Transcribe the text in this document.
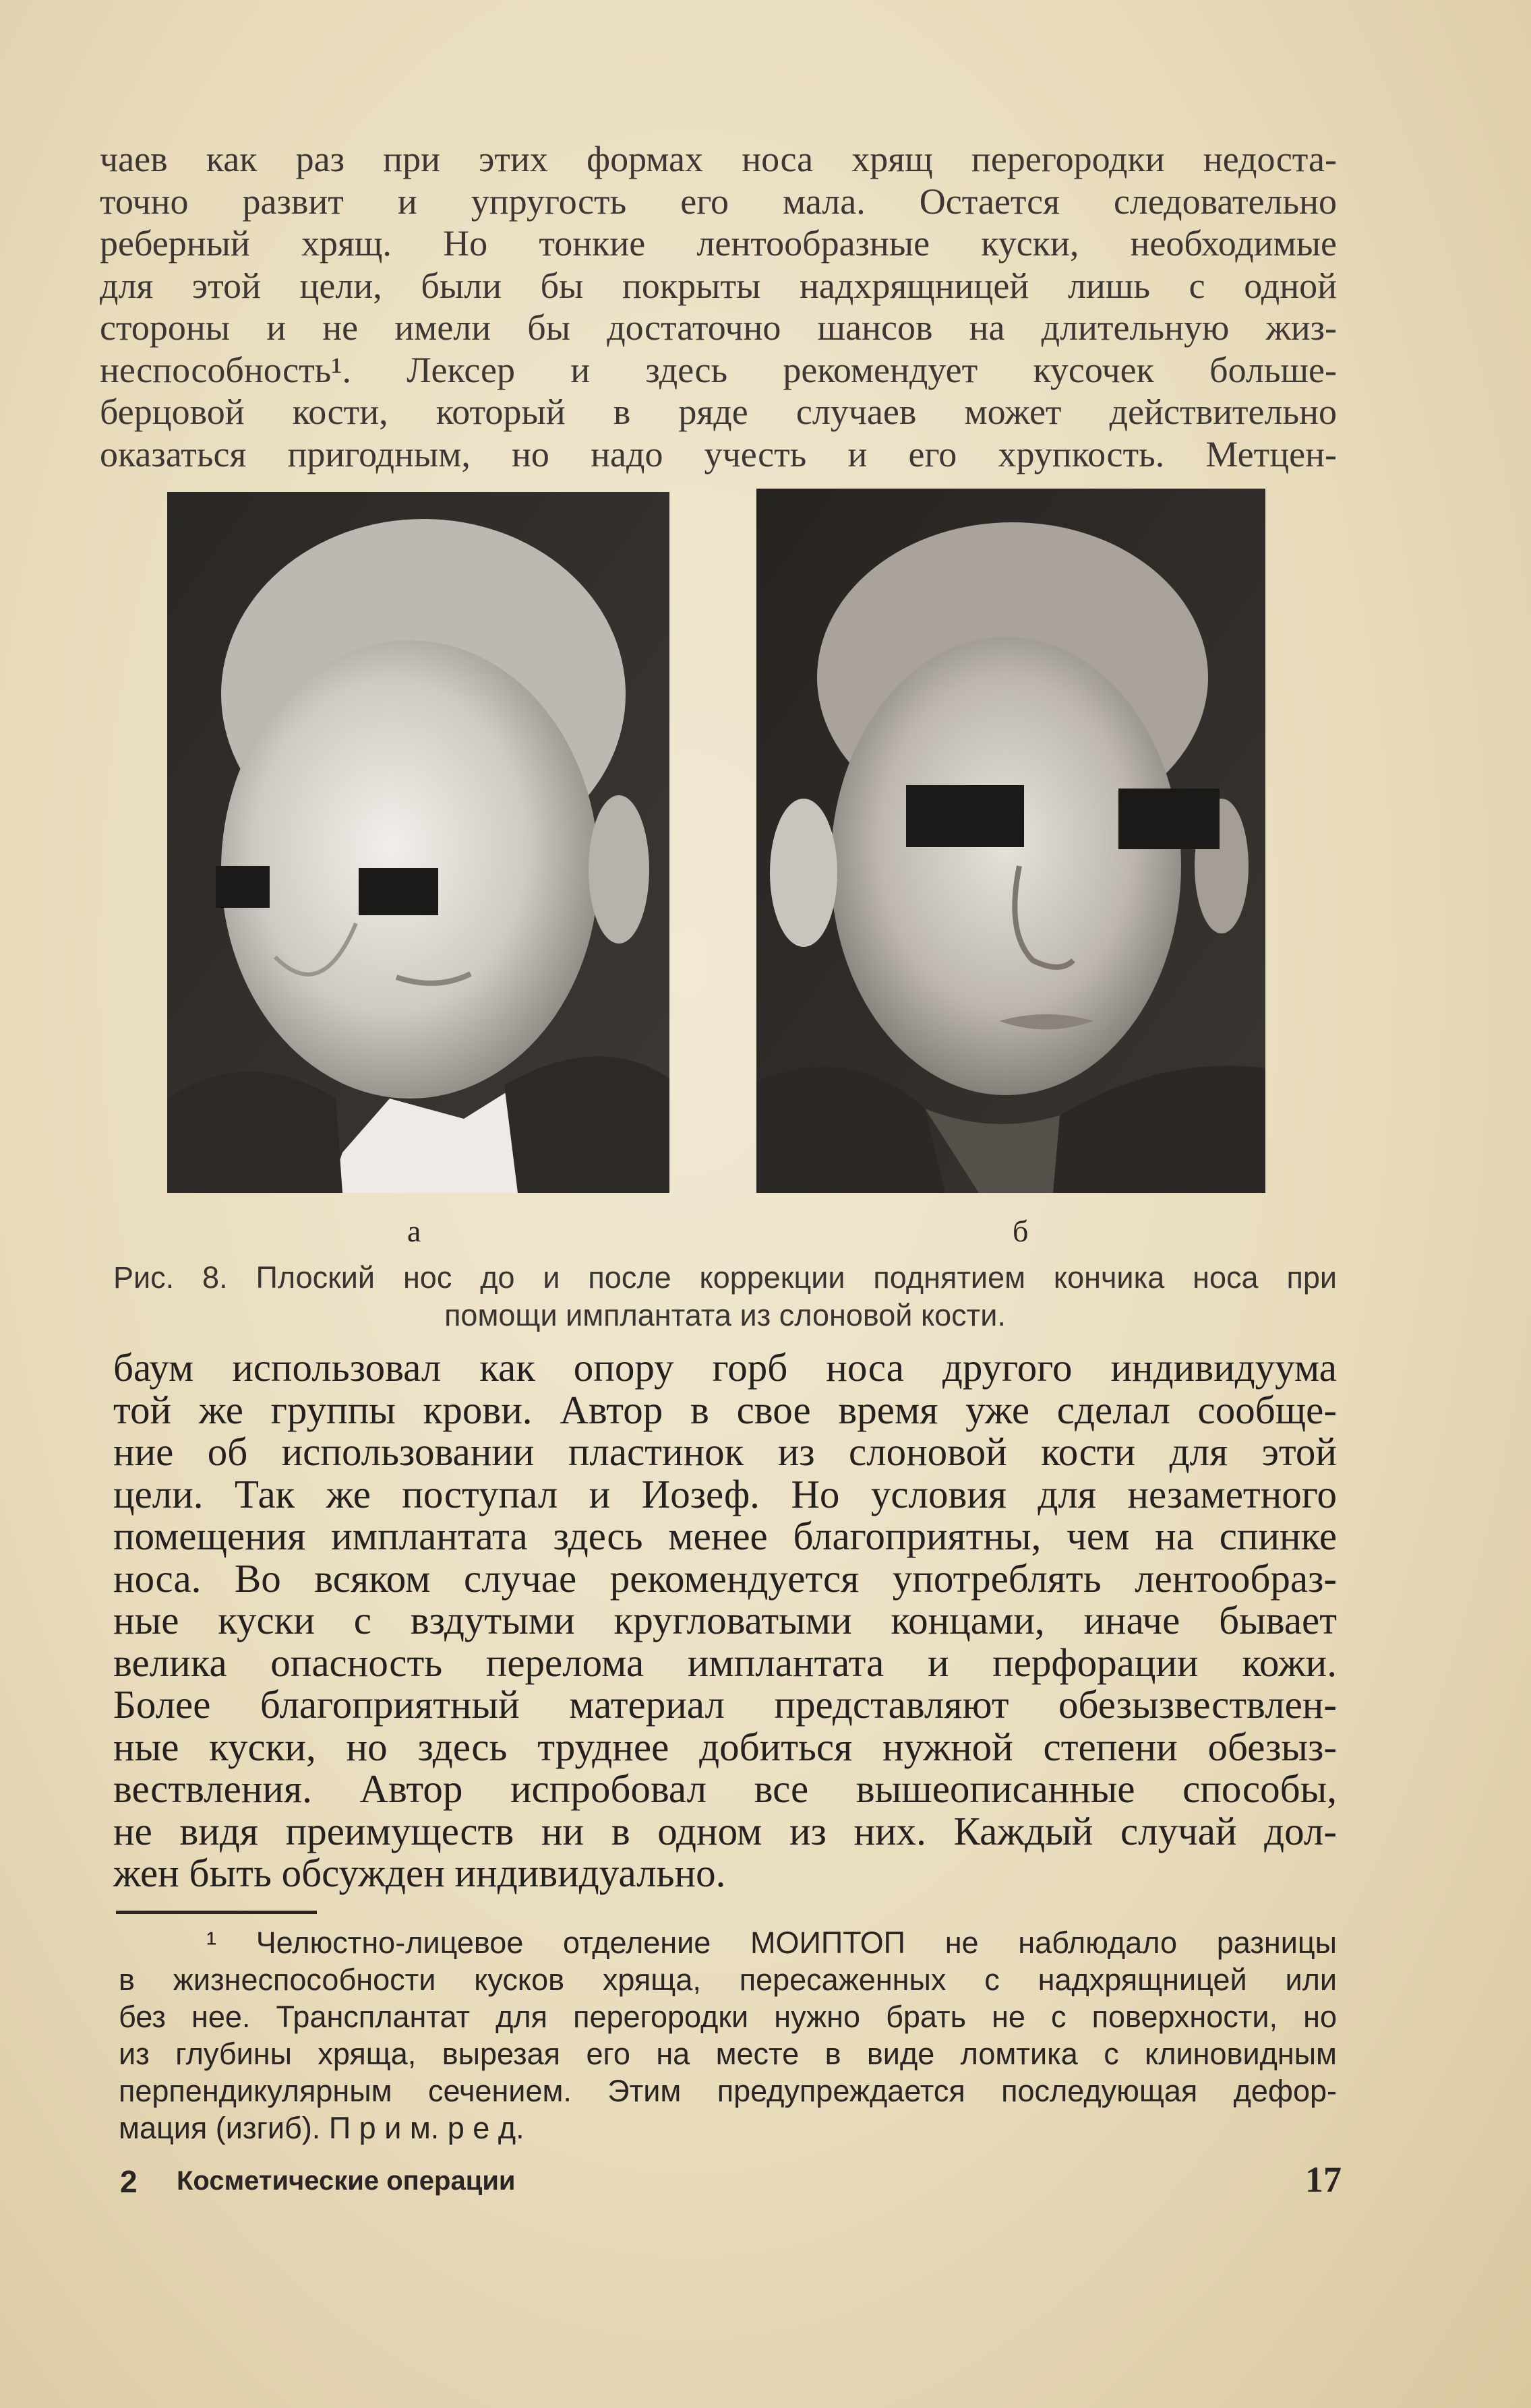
чаев как раз при этих формах носа хрящ перегородки недоста-
точно развит и упругость его мала. Остается следовательно
реберный хрящ. Но тонкие лентообразные куски, необходимые
для этой цели, были бы покрыты надхрящницей лишь с одной
стороны и не имели бы достаточно шансов на длительную жиз-
неспособность¹. Лексер и здесь рекомендует кусочек больше-
берцовой кости, который в ряде случаев может действительно
оказаться пригодным, но надо учесть и его хрупкость. Метцен-

а	б
Рис. 8. Плоский нос до и после коррекции поднятием кончика носа при
помощи имплантата из слоновой кости.

баум использовал как опору горб носа другого индивидуума
той же группы крови. Автор в свое время уже сделал сообще-
ние об использовании пластинок из слоновой кости для этой
цели. Так же поступал и Иозеф. Но условия для незаметного
помещения имплантата здесь менее благоприятны, чем на спинке
носа. Во всяком случае рекомендуется употреблять лентообраз-
ные куски с вздутыми кругловатыми концами, иначе бывает
велика опасность перелома имплантата и перфорации кожи.
Более благоприятный материал представляют обезызвествлен-
ные куски, но здесь труднее добиться нужной степени обезыз-
вествления. Автор испробовал все вышеописанные способы,
не видя преимуществ ни в одном из них. Каждый случай дол-
жен быть обсужден индивидуально.

¹ Челюстно-лицевое отделение МОИПТОП не наблюдало разницы
в жизнеспособности кусков хряща, пересаженных с надхрящницей или
без нее. Трансплантат для перегородки нужно брать не с поверхности, но
из глубины хряща, вырезая его на месте в виде ломтика с клиновидным
перпендикулярным сечением. Этим предупреждается последующая дефор-
мация (изгиб). П р и м. р е д.
2 Косметические операции	17
